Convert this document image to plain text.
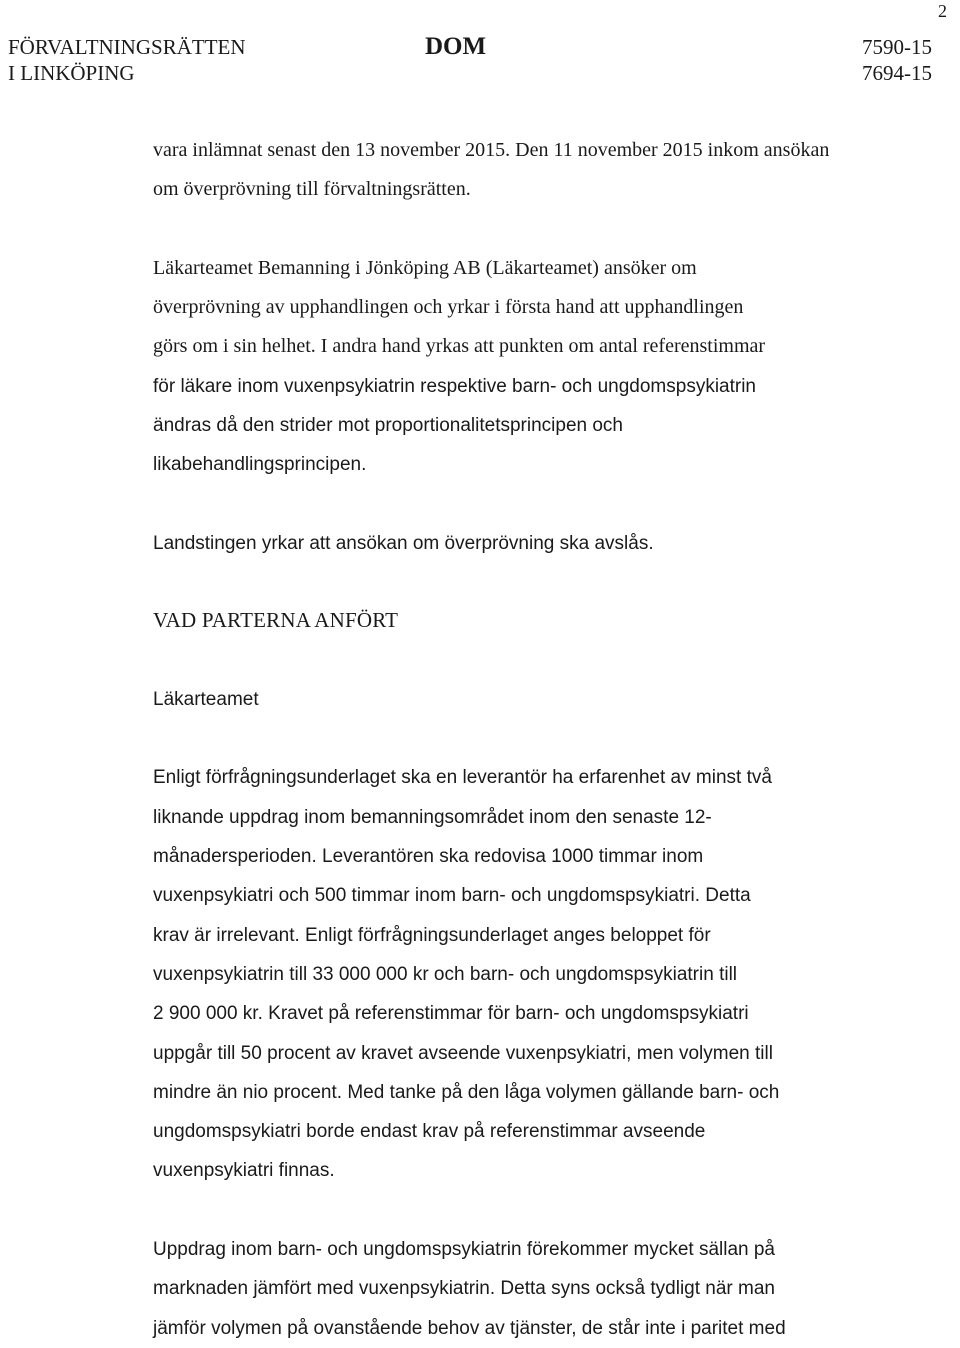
2
FÖRVALTNINGSRÄTTEN
I LINKÖPING
DOM	7590-15
7694-15

vara inlämnat senast den 13 november 2015. Den 11 november 2015 inkom ansökan om överprövning till förvaltningsrätten.

Läkarteamet Bemanning i Jönköping AB (Läkarteamet) ansöker om

överprövning av upphandlingen och yrkar i första hand att upphandlingen

görs om i sin helhet. I andra hand yrkas att punkten om antal referenstimmar

för läkare inom vuxenpsykiatrin respektive barn- och ungdomspsykiatrin

ändras då den strider mot proportionalitetsprincipen och

likabehandlingsprincipen.

Landstingen yrkar att ansökan om överprövning ska avslås.

VAD PARTERNA ANFÖRT

Läkarteamet

Enligt förfrågningsunderlaget ska en leverantör ha erfarenhet av minst två

liknande uppdrag inom bemanningsområdet inom den senaste 12-

månadersperioden. Leverantören ska redovisa 1000 timmar inom

vuxenpsykiatri och 500 timmar inom barn- och ungdomspsykiatri. Detta

krav är irrelevant. Enligt förfrågningsunderlaget anges beloppet för

vuxenpsykiatrin till 33 000 000 kr och barn- och ungdomspsykiatrin till

2 900 000 kr. Kravet på referenstimmar för barn- och ungdomspsykiatri

uppgår till 50 procent av kravet avseende vuxenpsykiatri, men volymen till

mindre än nio procent. Med tanke på den låga volymen gällande barn- och

ungdomspsykiatri borde endast krav på referenstimmar avseende

vuxenpsykiatri finnas.

Uppdrag inom barn- och ungdomspsykiatrin förekommer mycket sällan på

marknaden jämfört med vuxenpsykiatrin. Detta syns också tydligt när man

jämför volymen på ovanstående behov av tjänster, de står inte i paritet med
